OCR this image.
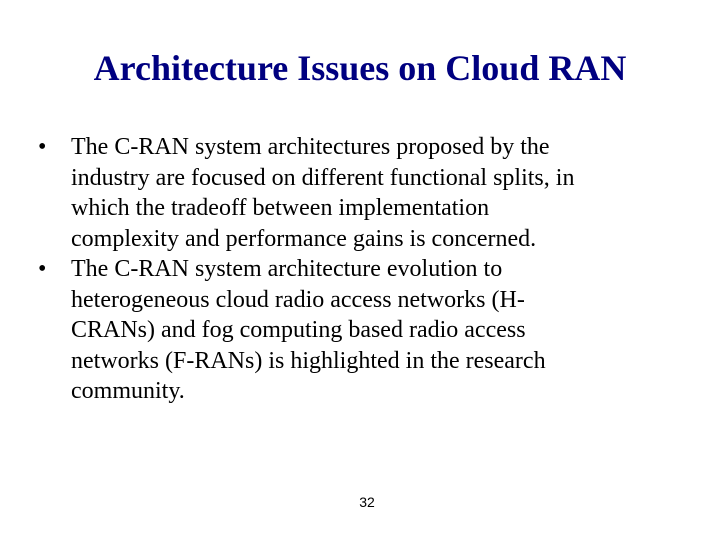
Architecture Issues on Cloud RAN
•	The C-RAN system architectures proposed by the
industry are focused on different functional splits, in
which the tradeoff between implementation
complexity and performance gains is concerned.
•	The C-RAN system architecture evolution to
heterogeneous cloud radio access networks (H-
CRANs) and fog computing based radio access
networks (F-RANs) is highlighted in the research
community.
32
